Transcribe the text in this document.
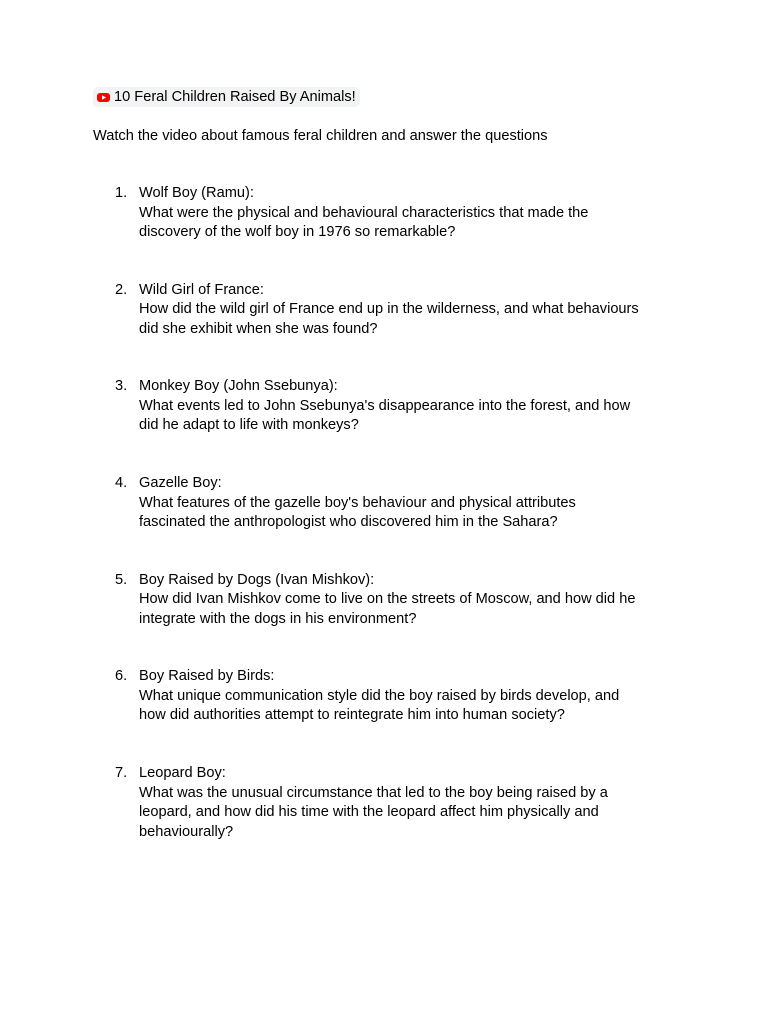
10 Feral Children Raised By Animals!
Watch the video about famous feral children and answer the questions
1. Wolf Boy (Ramu):
What were the physical and behavioural characteristics that made the
discovery of the wolf boy in 1976 so remarkable?
2. Wild Girl of France:
How did the wild girl of France end up in the wilderness, and what behaviours
did she exhibit when she was found?
3. Monkey Boy (John Ssebunya):
What events led to John Ssebunya's disappearance into the forest, and how
did he adapt to life with monkeys?
4. Gazelle Boy:
What features of the gazelle boy's behaviour and physical attributes
fascinated the anthropologist who discovered him in the Sahara?
5. Boy Raised by Dogs (Ivan Mishkov):
How did Ivan Mishkov come to live on the streets of Moscow, and how did he
integrate with the dogs in his environment?
6. Boy Raised by Birds:
What unique communication style did the boy raised by birds develop, and
how did authorities attempt to reintegrate him into human society?
7. Leopard Boy:
What was the unusual circumstance that led to the boy being raised by a
leopard, and how did his time with the leopard affect him physically and
behaviourally?
